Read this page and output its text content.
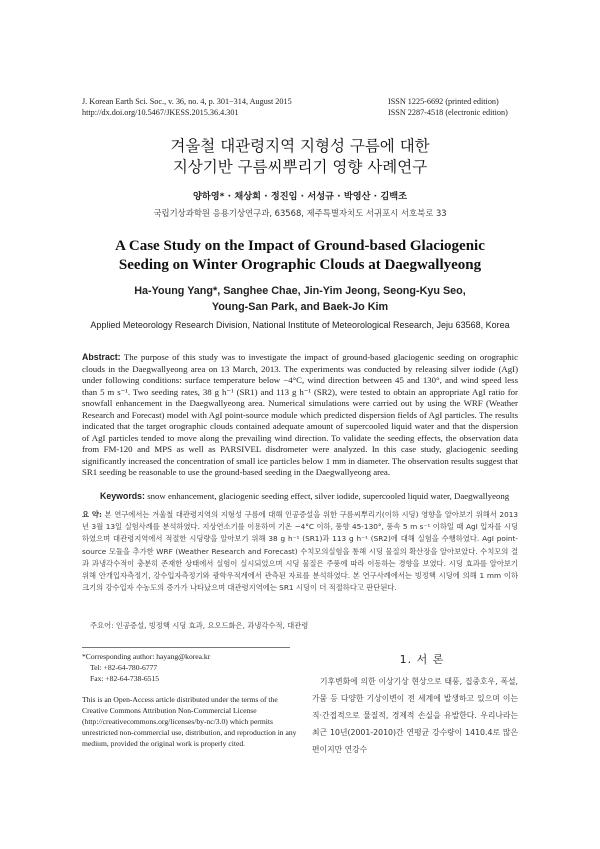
J. Korean Earth Sci. Soc., v. 36, no. 4, p. 301−314, August 2015
http://dx.doi.org/10.5467/JKESS.2015.36.4.301
ISSN 1225-6692 (printed edition)
ISSN 2287-4518 (electronic edition)
겨울철 대관령지역 지형성 구름에 대한
지상기반 구름씨뿌리기 영향 사례연구
양하영* · 채상희 · 정진임 · 서성규 · 박영산 · 김백조
국립기상과학원 응용기상연구과, 63568, 제주특별자치도 서귀포시 서호북로 33
A Case Study on the Impact of Ground-based Glaciogenic
Seeding on Winter Orographic Clouds at Daegwallyeong
Ha-Young Yang*, Sanghee Chae, Jin-Yim Jeong, Seong-Kyu Seo,
Young-San Park, and Baek-Jo Kim
Applied Meteorology Research Division, National Institute of Meteorological Research, Jeju 63568, Korea
Abstract: The purpose of this study was to investigate the impact of ground-based glaciogenic seeding on orographic clouds in the Daegwallyeong area on 13 March, 2013. The experiments was conducted by releasing silver iodide (AgI) under following conditions: surface temperature below −4°C, wind direction between 45 and 130°, and wind speed less than 5 m s⁻¹. Two seeding rates, 38 g h⁻¹ (SR1) and 113 g h⁻¹ (SR2), were tested to obtain an appropriate AgI ratio for snowfall enhancement in the Daegwallyeong area. Numerical simulations were carried out by using the WRF (Weather Research and Forecast) model with AgI point-source module which predicted dispersion fields of AgI particles. The results indicated that the target orographic clouds contained adequate amount of supercooled liquid water and that the dispersion of AgI particles tended to move along the prevailing wind direction. To validate the seeding effects, the observation data from FM-120 and MPS as well as PARSIVEL disdrometer were analyzed. In this case study, glaciogenic seeding significantly increased the concentration of small ice particles below 1 mm in diameter. The observation results suggest that SR1 seeding be reasonable to use the ground-based seeding in the Daegwallyeong area.
Keywords: snow enhancement, glaciogenic seeding effect, silver iodide, supercooled liquid water, Daegwallyeong
요 약: 본 연구에서는 겨울철 대관령지역의 지형성 구름에 대해 인공증설을 위한 구름씨뿌리기(이하 시딩) 영향을 알아보기 위해서 2013년 3월 13일 실험사례를 분석하였다. 지상연소기를 이용하여 기온 −4°C 이하, 풍향 45-130°, 풍속 5 m s⁻¹ 이하일 때 AgI 입자를 시딩 하였으며 대관령지역에서 적절한 시딩량을 알아보기 위해 38 g h⁻¹ (SR1)과 113 g h⁻¹ (SR2)에 대해 실험을 수행하였다. AgI point-source 모듈을 추가한 WRF (Weather Research and Forecast) 수치모의실험을 통해 시딩 물질의 확산장을 알아보았다. 수치모의 결과 과냉각수적이 충분히 존재한 상태에서 실험이 실시되었으며 시딩 물질은 주풍에 따라 이동하는 경향을 보였다. 시딩 효과를 알아보기 위해 안개입자측정기, 강수입자측정기와 광학우적계에서 관측된 자료를 분석하였다. 본 연구사례에서는 빙정핵 시딩에 의해 1 mm 이하 크기의 강수입자 수농도의 증가가 나타났으며 대관령지역에는 SR1 시딩이 더 적절하다고 판단된다.
주요어: 인공증설, 빙정핵 시딩 효과, 요오드화은, 과냉각수적, 대관령
*Corresponding author: hayang@korea.kr
Tel: +82-64-780-6777
Fax: +82-64-738-6515
This is an Open-Access article distributed under the terms of the Creative Commons Attribution Non-Commercial License (http://creativecommons.org/licenses/by-nc/3.0) which permits unrestricted non-commercial use, distribution, and reproduction in any medium, provided the original work is properly cited.
1. 서 론
기후변화에 의한 이상기상 현상으로 태풍, 집중호우, 폭설, 가뭄 등 다양한 기상이변이 전 세계에 발생하고 있으며 이는 직·간접적으로 물질적, 경제적 손실을 유발한다. 우리나라는 최근 10년(2001-2010)간 연평균 강수량이 1410.4로 많은 편이지만 연강수
